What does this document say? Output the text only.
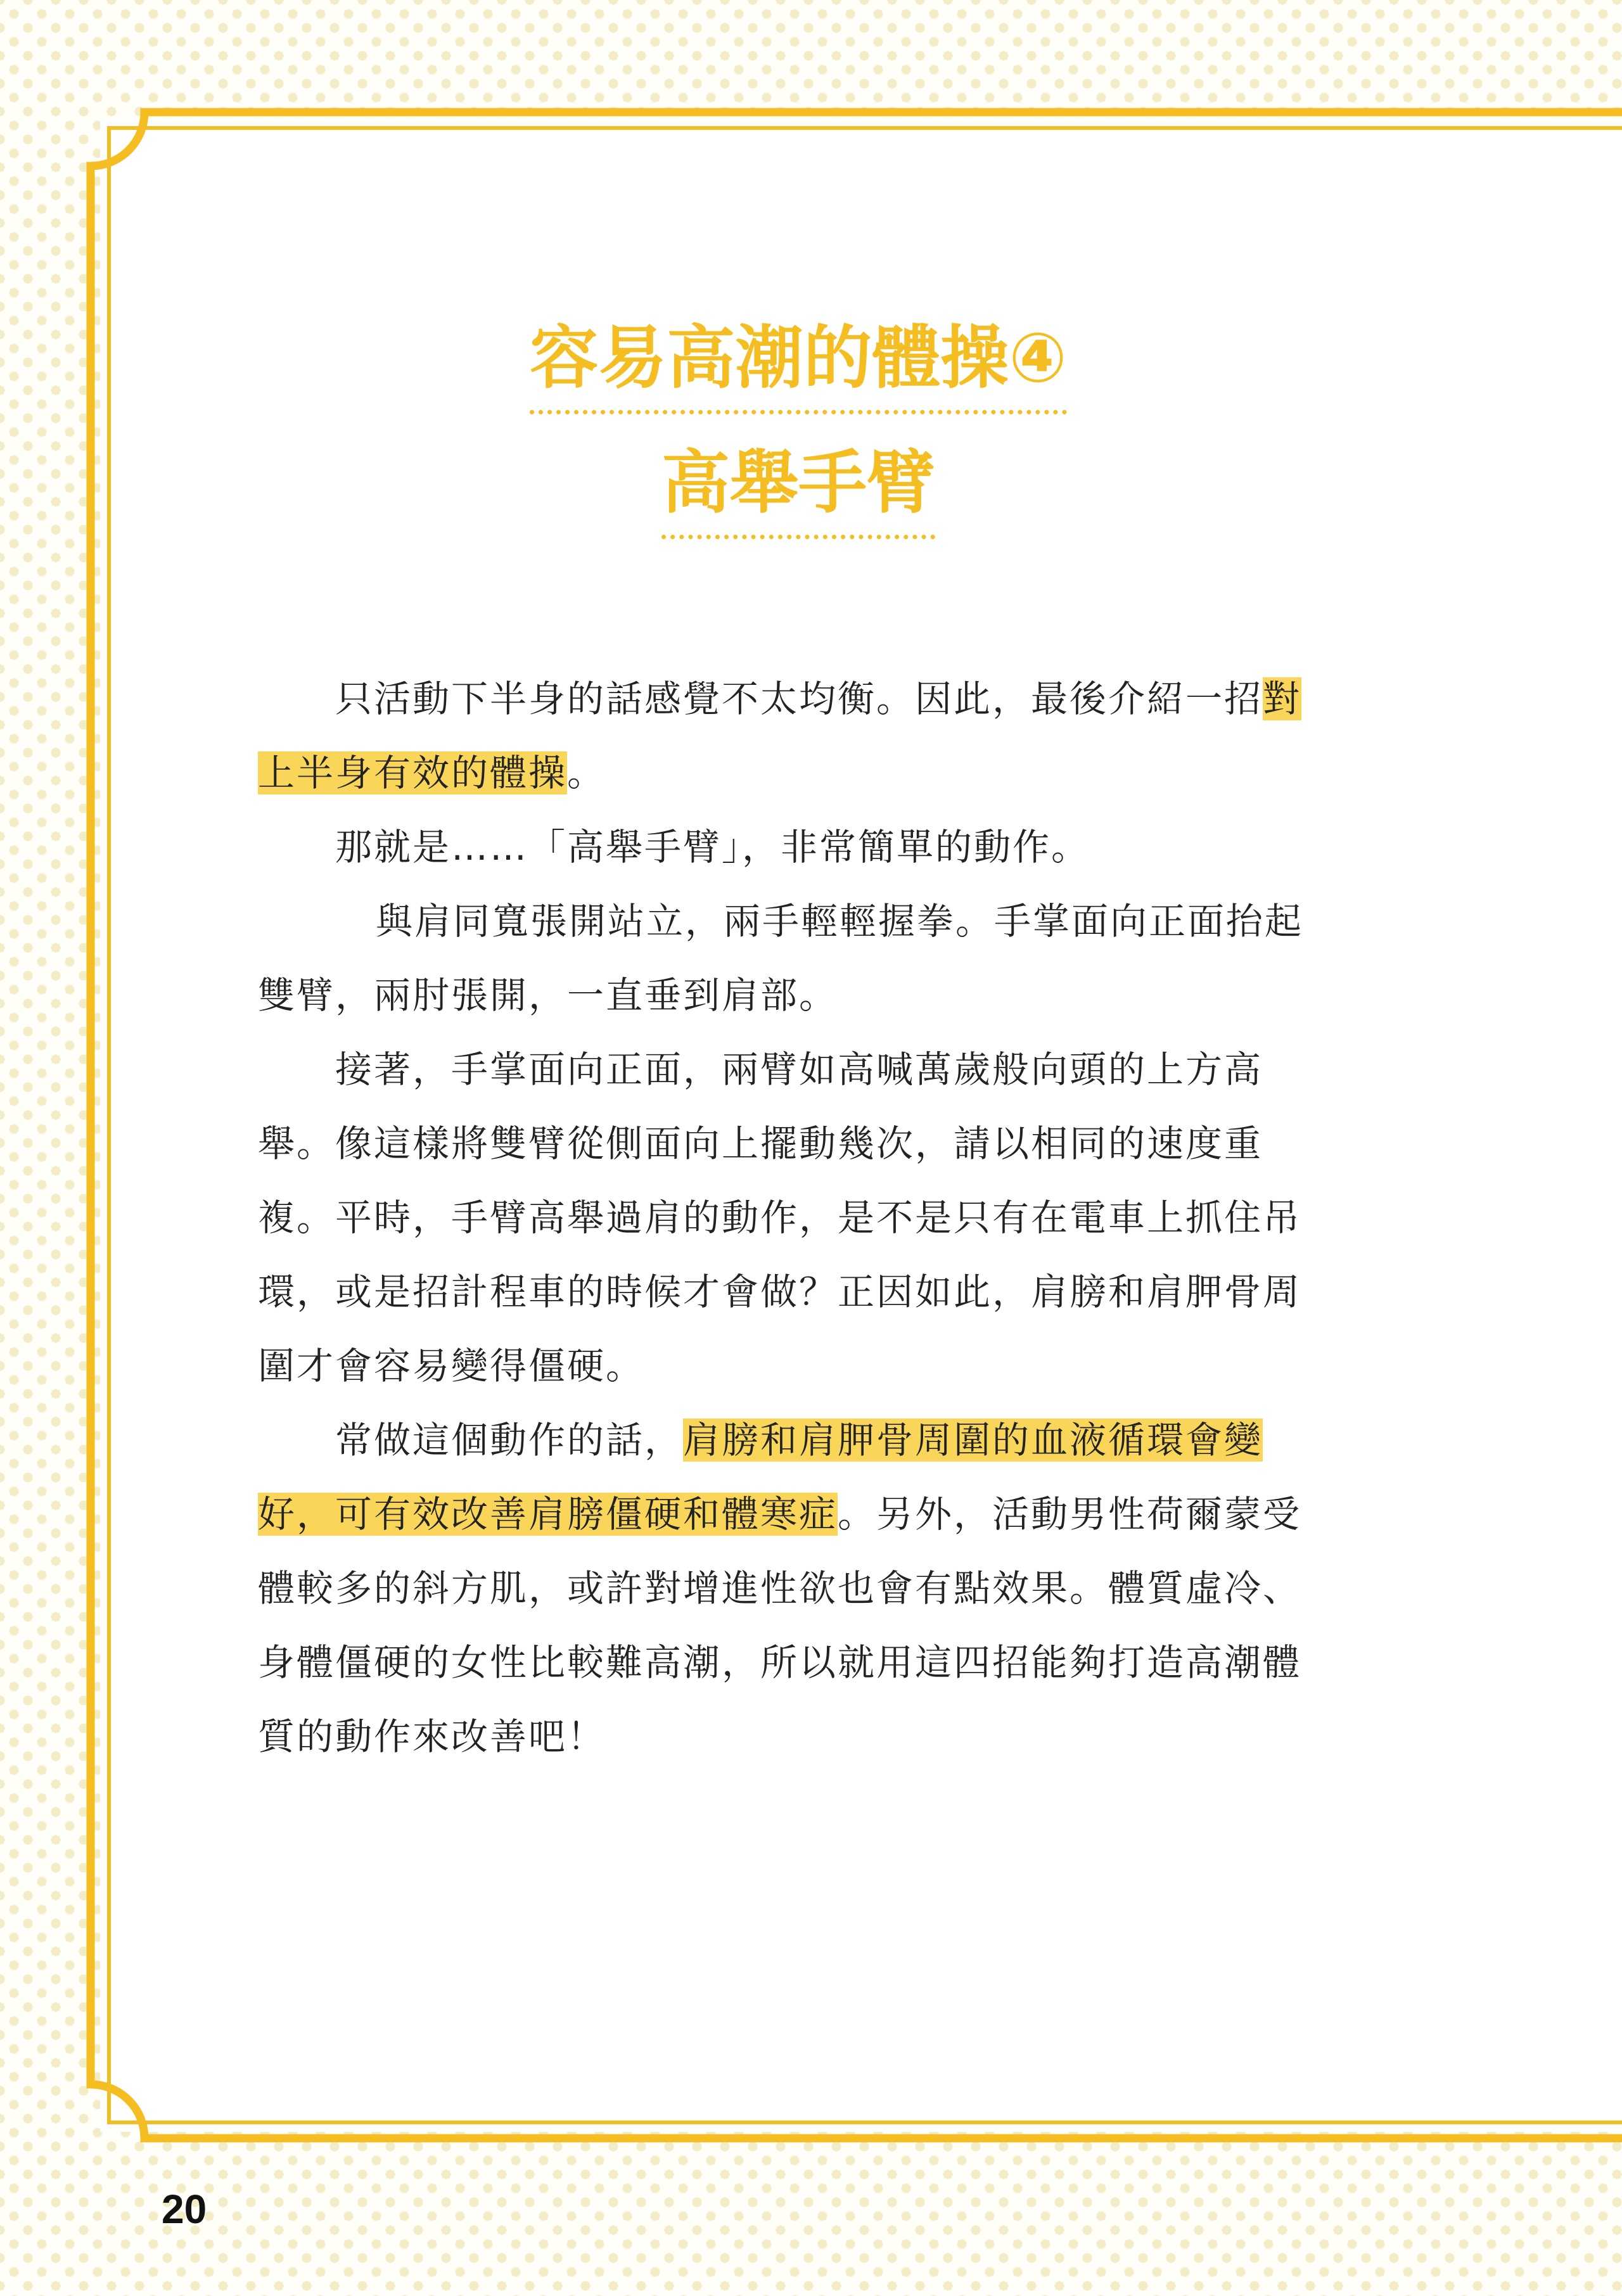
容易高潮的體操④
高舉手臂
只活動下半身的話感覺不太均衡。因此，最後介紹一招對
上半身有效的體操。
那就是……「高舉手臂」，非常簡單的動作。
與肩同寬張開站立，兩手輕輕握拳。手掌面向正面抬起
雙臂，兩肘張開，一直垂到肩部。
接著，手掌面向正面，兩臂如高喊萬歲般向頭的上方高
舉。像這樣將雙臂從側面向上擺動幾次，請以相同的速度重
複。平時，手臂高舉過肩的動作，是不是只有在電車上抓住吊
環，或是招計程車的時候才會做？正因如此，肩膀和肩胛骨周
圍才會容易變得僵硬。
常做這個動作的話，肩膀和肩胛骨周圍的血液循環會變
好，可有效改善肩膀僵硬和體寒症。另外，活動男性荷爾蒙受
體較多的斜方肌，或許對增進性欲也會有點效果。體質虛冷、
身體僵硬的女性比較難高潮，所以就用這四招能夠打造高潮體
質的動作來改善吧！
20
